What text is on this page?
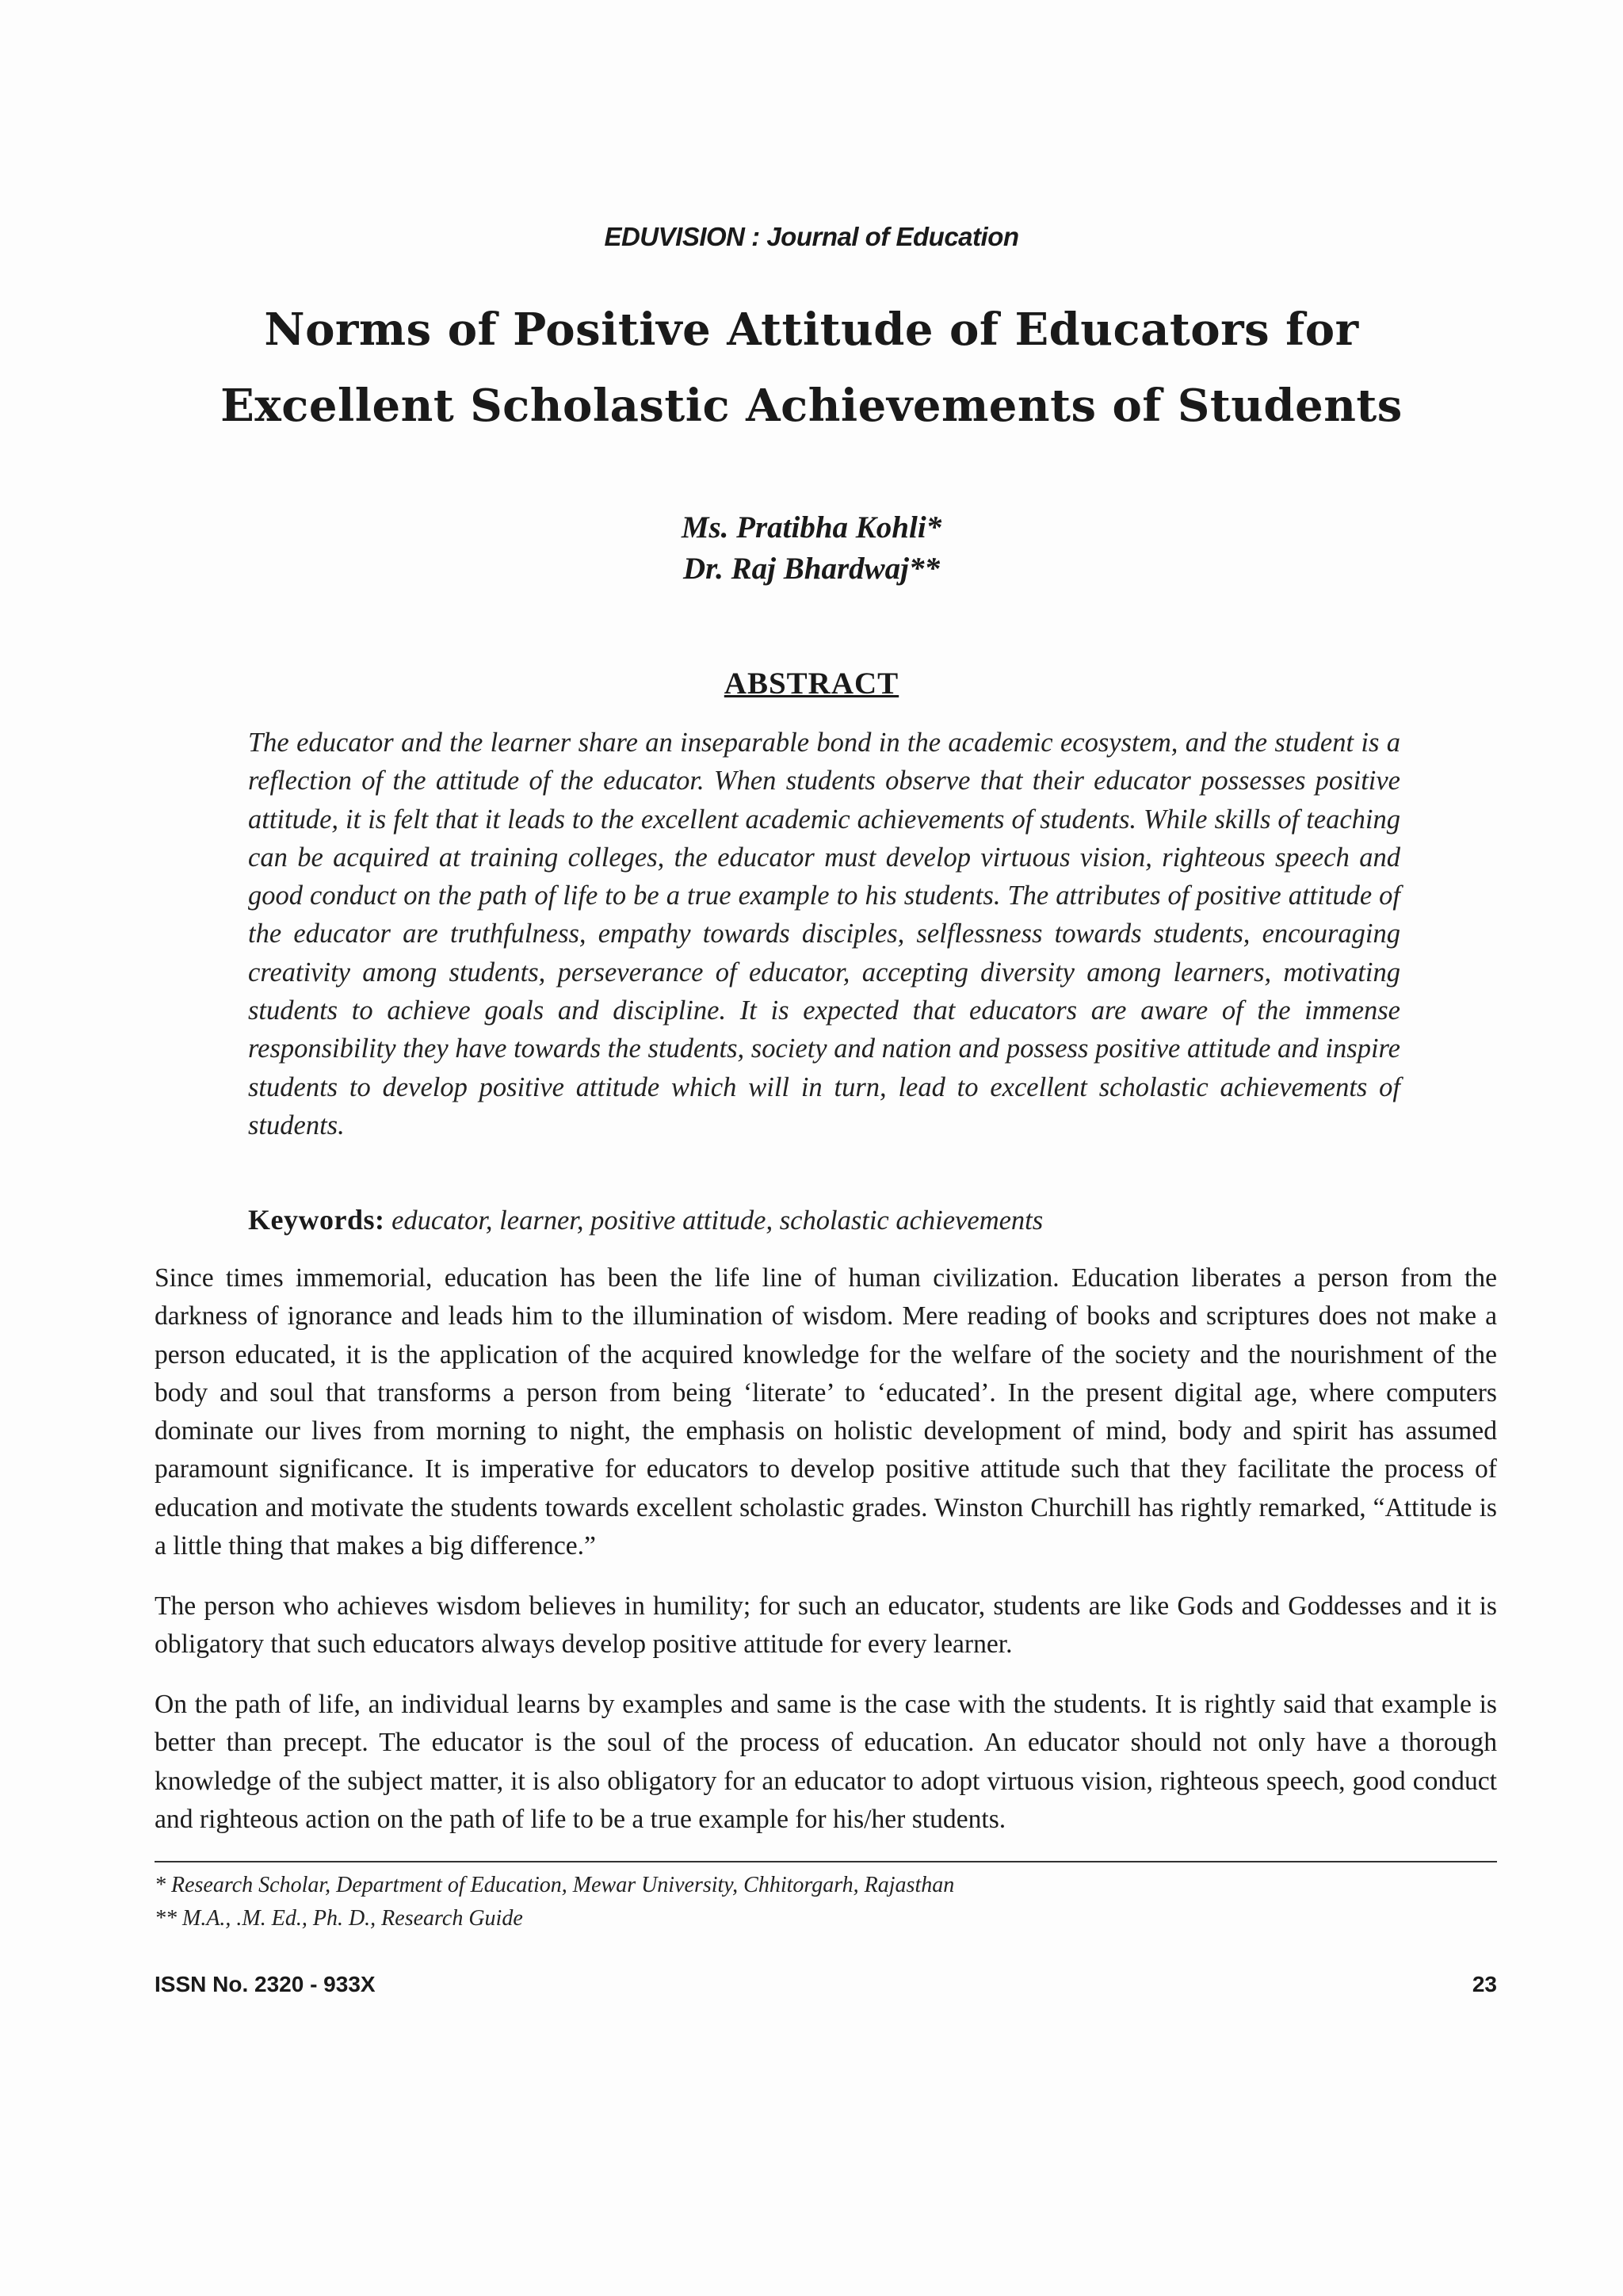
EDUVISION : Journal of Education
Norms of Positive Attitude of Educators for
Excellent Scholastic Achievements of Students
Ms. Pratibha Kohli*
Dr. Raj Bhardwaj**
ABSTRACT

The educator and the learner share an inseparable bond in the academic ecosystem, and the student is a reflection of the attitude of the educator. When students observe that their educator possesses positive attitude, it is felt that it leads to the excellent academic achievements of students. While skills of teaching can be acquired at training colleges, the educator must develop virtuous vision, righteous speech and good conduct on the path of life to be a true example to his students. The attributes of positive attitude of the educator are truthfulness, empathy towards disciples, selflessness towards students, encouraging creativity among students, perseverance of educator, accepting diversity among learners, motivating students to achieve goals and discipline. It is expected that educators are aware of the immense responsibility they have towards the students, society and nation and possess positive attitude and inspire students to develop positive attitude which will in turn, lead to excellent scholastic achievements of students.

Keywords: educator, learner, positive attitude, scholastic achievements

Since times immemorial, education has been the life line of human civilization. Education liberates a person from the darkness of ignorance and leads him to the illumination of wisdom. Mere reading of books and scriptures does not make a person educated, it is the application of the acquired knowledge for the welfare of the society and the nourishment of the body and soul that transforms a person from being ‘literate’ to ‘educated’. In the present digital age, where computers dominate our lives from morning to night, the emphasis on holistic development of mind, body and spirit has assumed paramount significance. It is imperative for educators to develop positive attitude such that they facilitate the process of education and motivate the students towards excellent scholastic grades. Winston Churchill has rightly remarked, “Attitude is a little thing that makes a big difference.”

The person who achieves wisdom believes in humility; for such an educator, students are like Gods and Goddesses and it is obligatory that such educators always develop positive attitude for every learner.

On the path of life, an individual learns by examples and same is the case with the students. It is rightly said that example is better than precept. The educator is the soul of the process of education. An educator should not only have a thorough knowledge of the subject matter, it is also obligatory for an educator to adopt virtuous vision, righteous speech, good conduct and righteous action on the path of life to be a true example for his/her students.

* Research Scholar, Department of Education, Mewar University, Chhitorgarh, Rajasthan
** M.A., .M. Ed., Ph. D., Research Guide
ISSN No. 2320 - 933X	23
